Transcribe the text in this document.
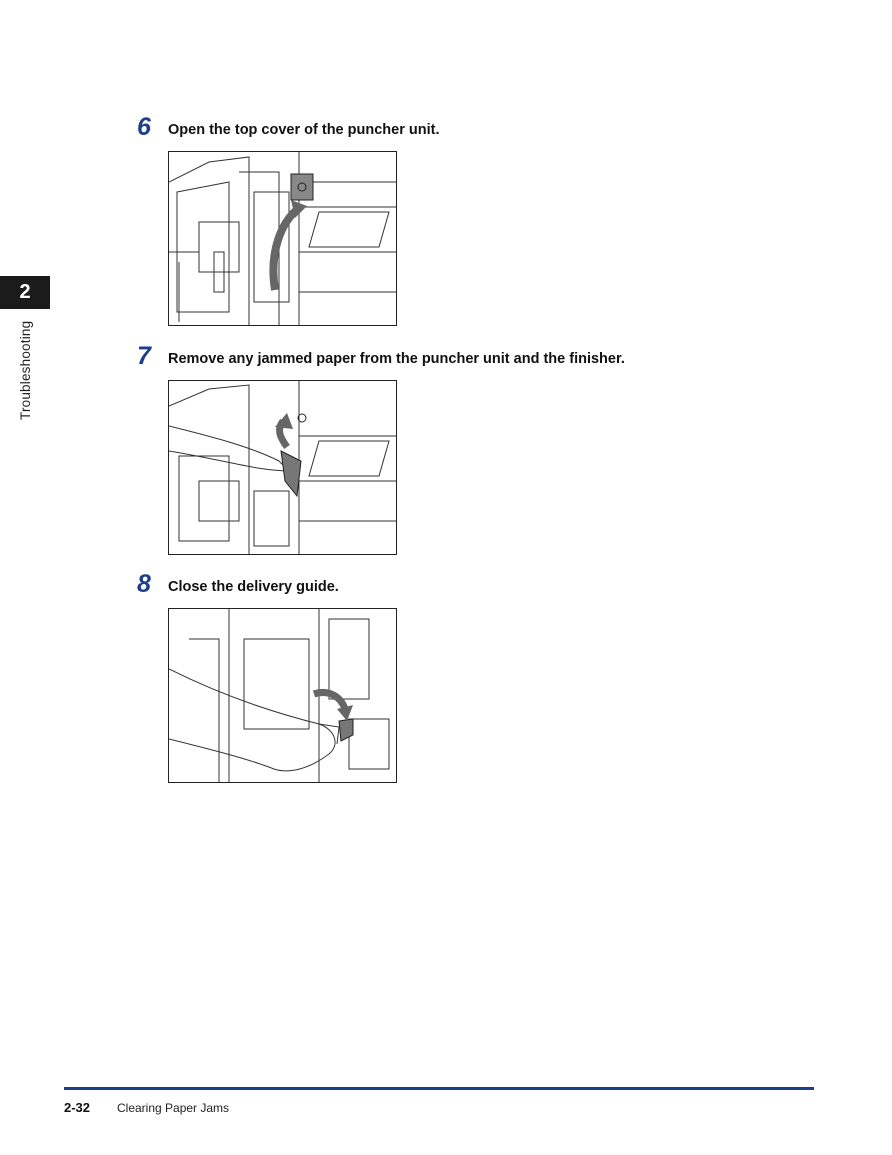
2
Troubleshooting
6 Open the top cover of the puncher unit.
7 Remove any jammed paper from the puncher unit and the finisher.
8 Close the delivery guide.
2-32 Clearing Paper Jams
